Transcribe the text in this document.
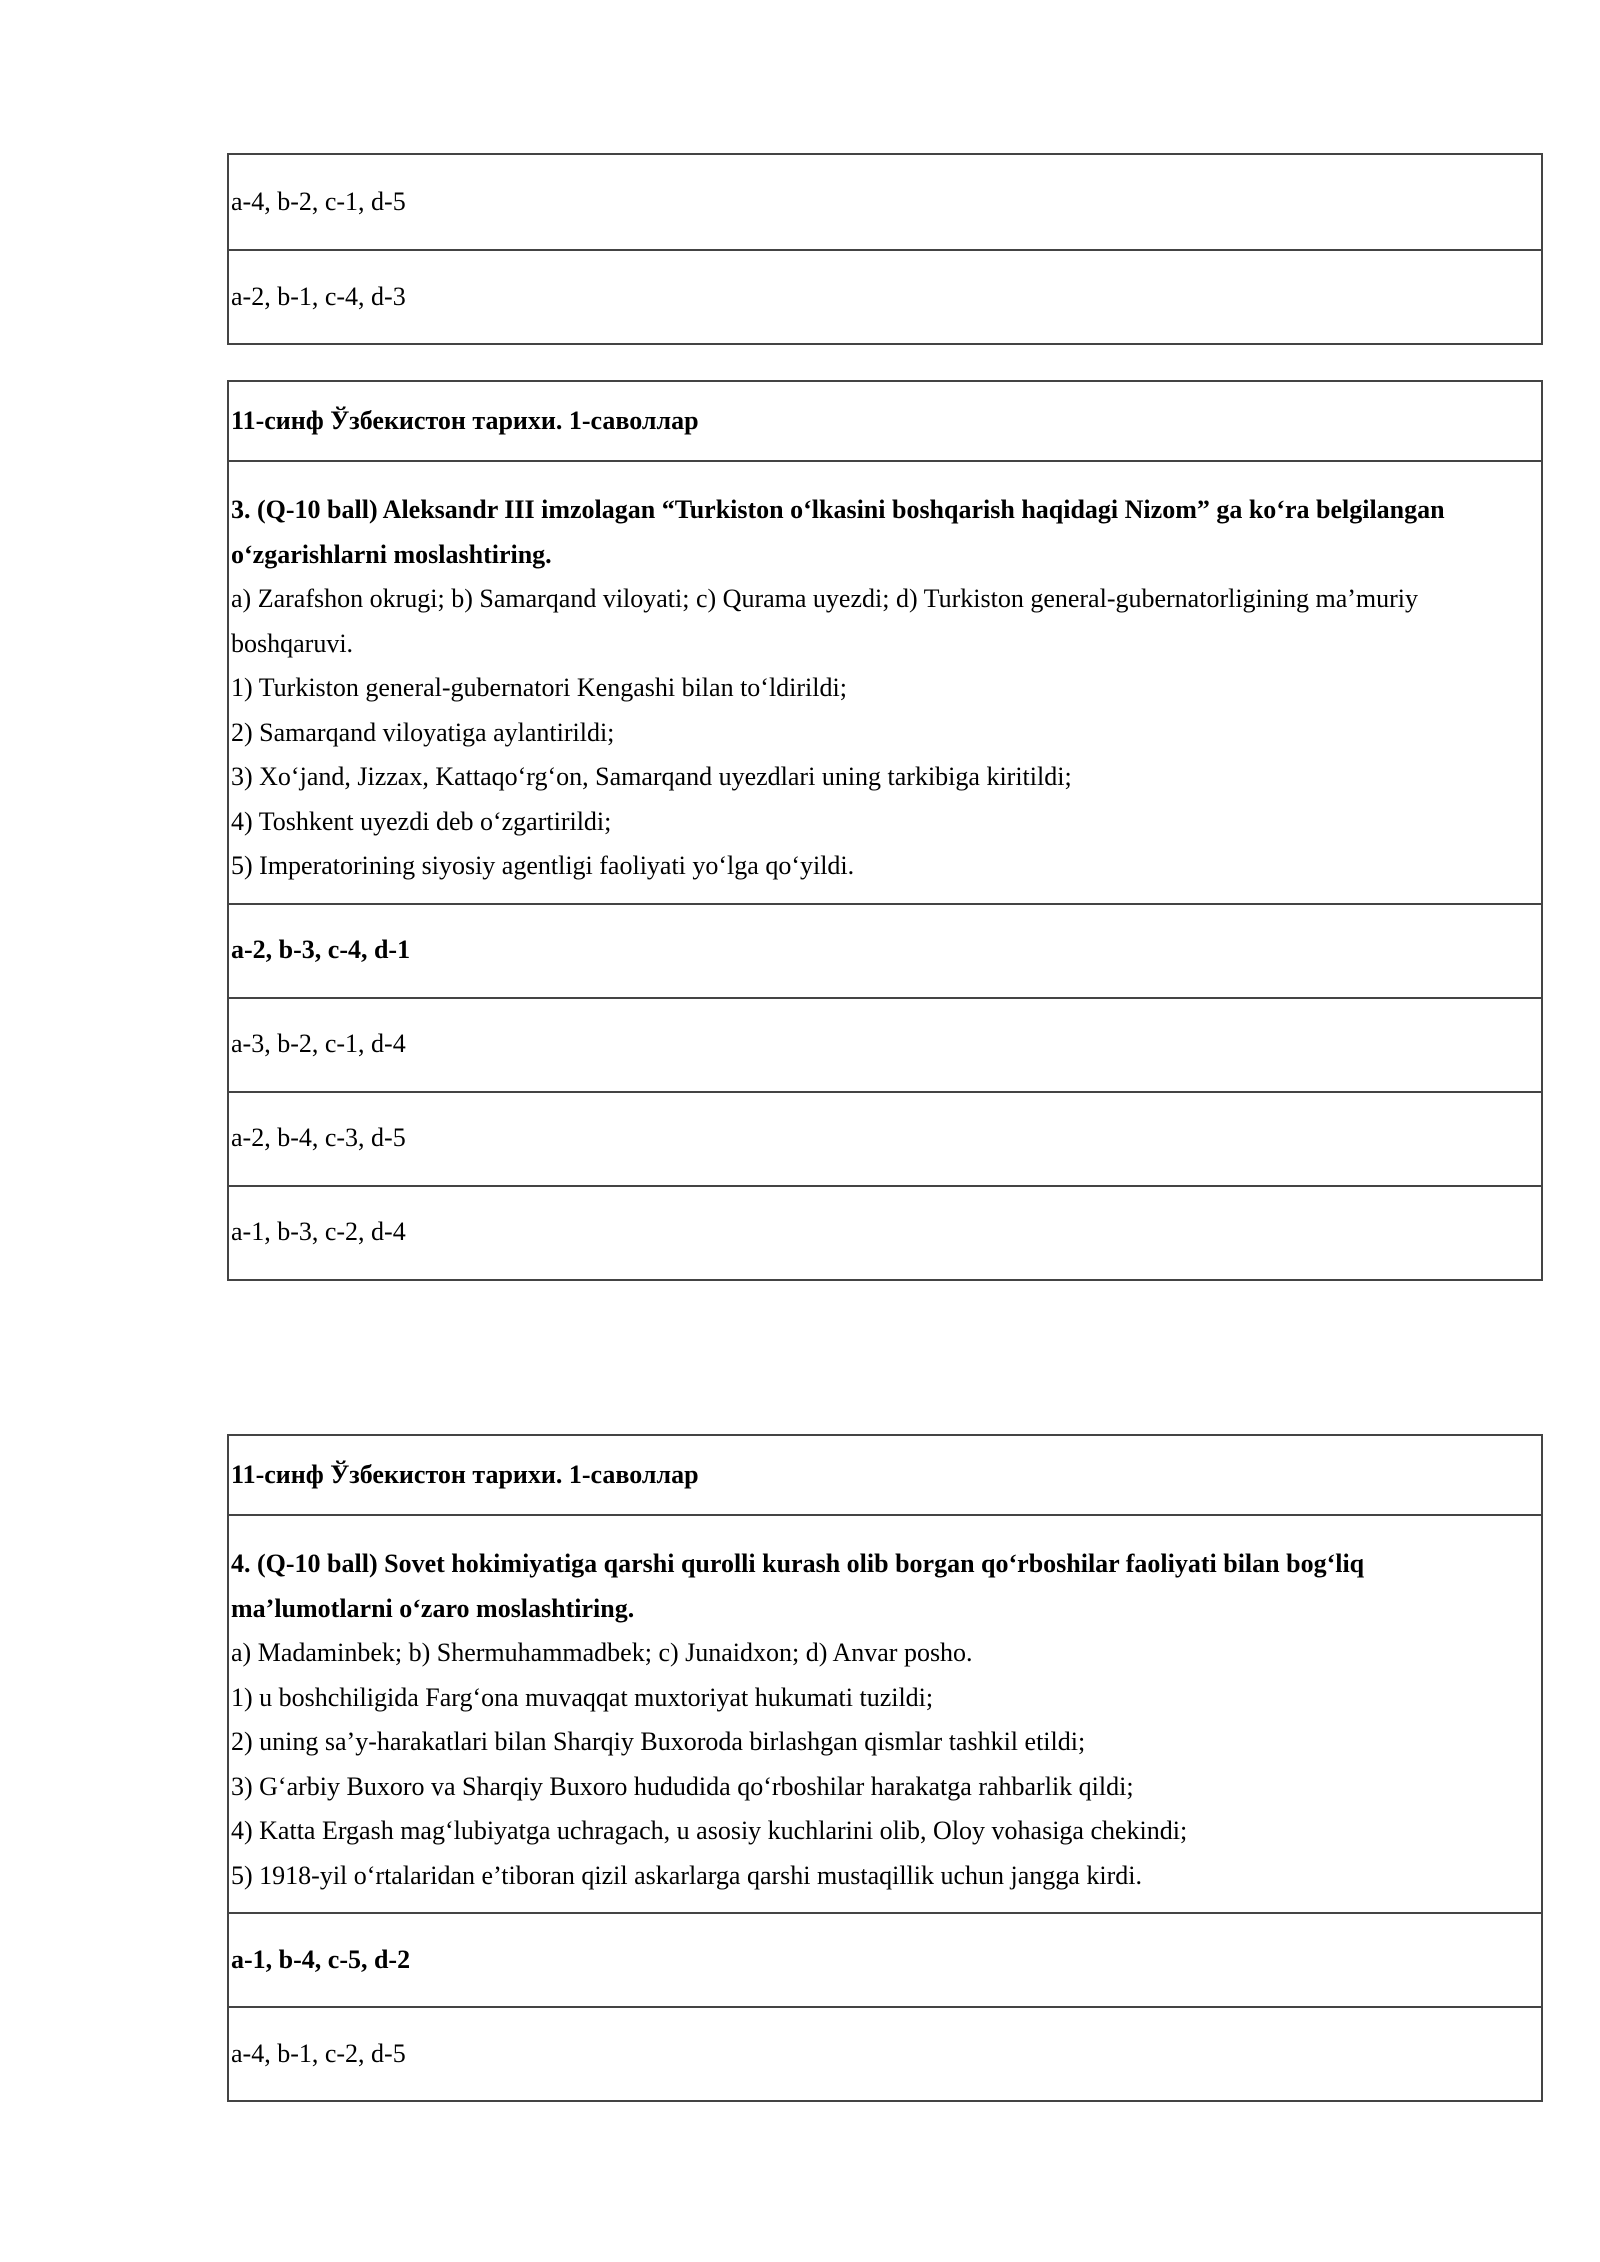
a-4, b-2, c-1, d-5
a-2, b-1, c-4, d-3
11-синф Ўзбекистон тарихи. 1-саволлар
3. (Q-10 ball) Aleksandr III imzolagan “Turkiston o‘lkasini boshqarish haqidagi Nizom” ga ko‘ra belgilangan o‘zgarishlarni moslashtiring.
a) Zarafshon okrugi; b) Samarqand viloyati; c) Qurama uyezdi; d) Turkiston general-gubernatorligining ma’muriy boshqaruvi.
1) Turkiston general-gubernatori Kengashi bilan to‘ldirildi;
2) Samarqand viloyatiga aylantirildi;
3) Xo‘jand, Jizzax, Kattaqo‘rg‘on, Samarqand uyezdlari uning tarkibiga kiritildi;
4) Toshkent uyezdi deb o‘zgartirildi;
5) Imperatorining siyosiy agentligi faoliyati yo‘lga qo‘yildi.
a-2, b-3, c-4, d-1
a-3, b-2, c-1, d-4
a-2, b-4, c-3, d-5
a-1, b-3, c-2, d-4
11-синф Ўзбекистон тарихи. 1-саволлар
4. (Q-10 ball) Sovet hokimiyatiga qarshi qurolli kurash olib borgan qo‘rboshilar faoliyati bilan bog‘liq ma’lumotlarni o‘zaro moslashtiring.
a) Madaminbek; b) Shermuhammadbek; c) Junaidxon; d) Anvar posho.
1) u boshchiligida Farg‘ona muvaqqat muxtoriyat hukumati tuzildi;
2) uning sa’y-harakatlari bilan Sharqiy Buxoroda birlashgan qismlar tashkil etildi;
3) G‘arbiy Buxoro va Sharqiy Buxoro hududida qo‘rboshilar harakatga rahbarlik qildi;
4) Katta Ergash mag‘lubiyatga uchragach, u asosiy kuchlarini olib, Oloy vohasiga chekindi;
5) 1918-yil o‘rtalaridan e’tiboran qizil askarlarga qarshi mustaqillik uchun jangga kirdi.
a-1, b-4, c-5, d-2
a-4, b-1, c-2, d-5
